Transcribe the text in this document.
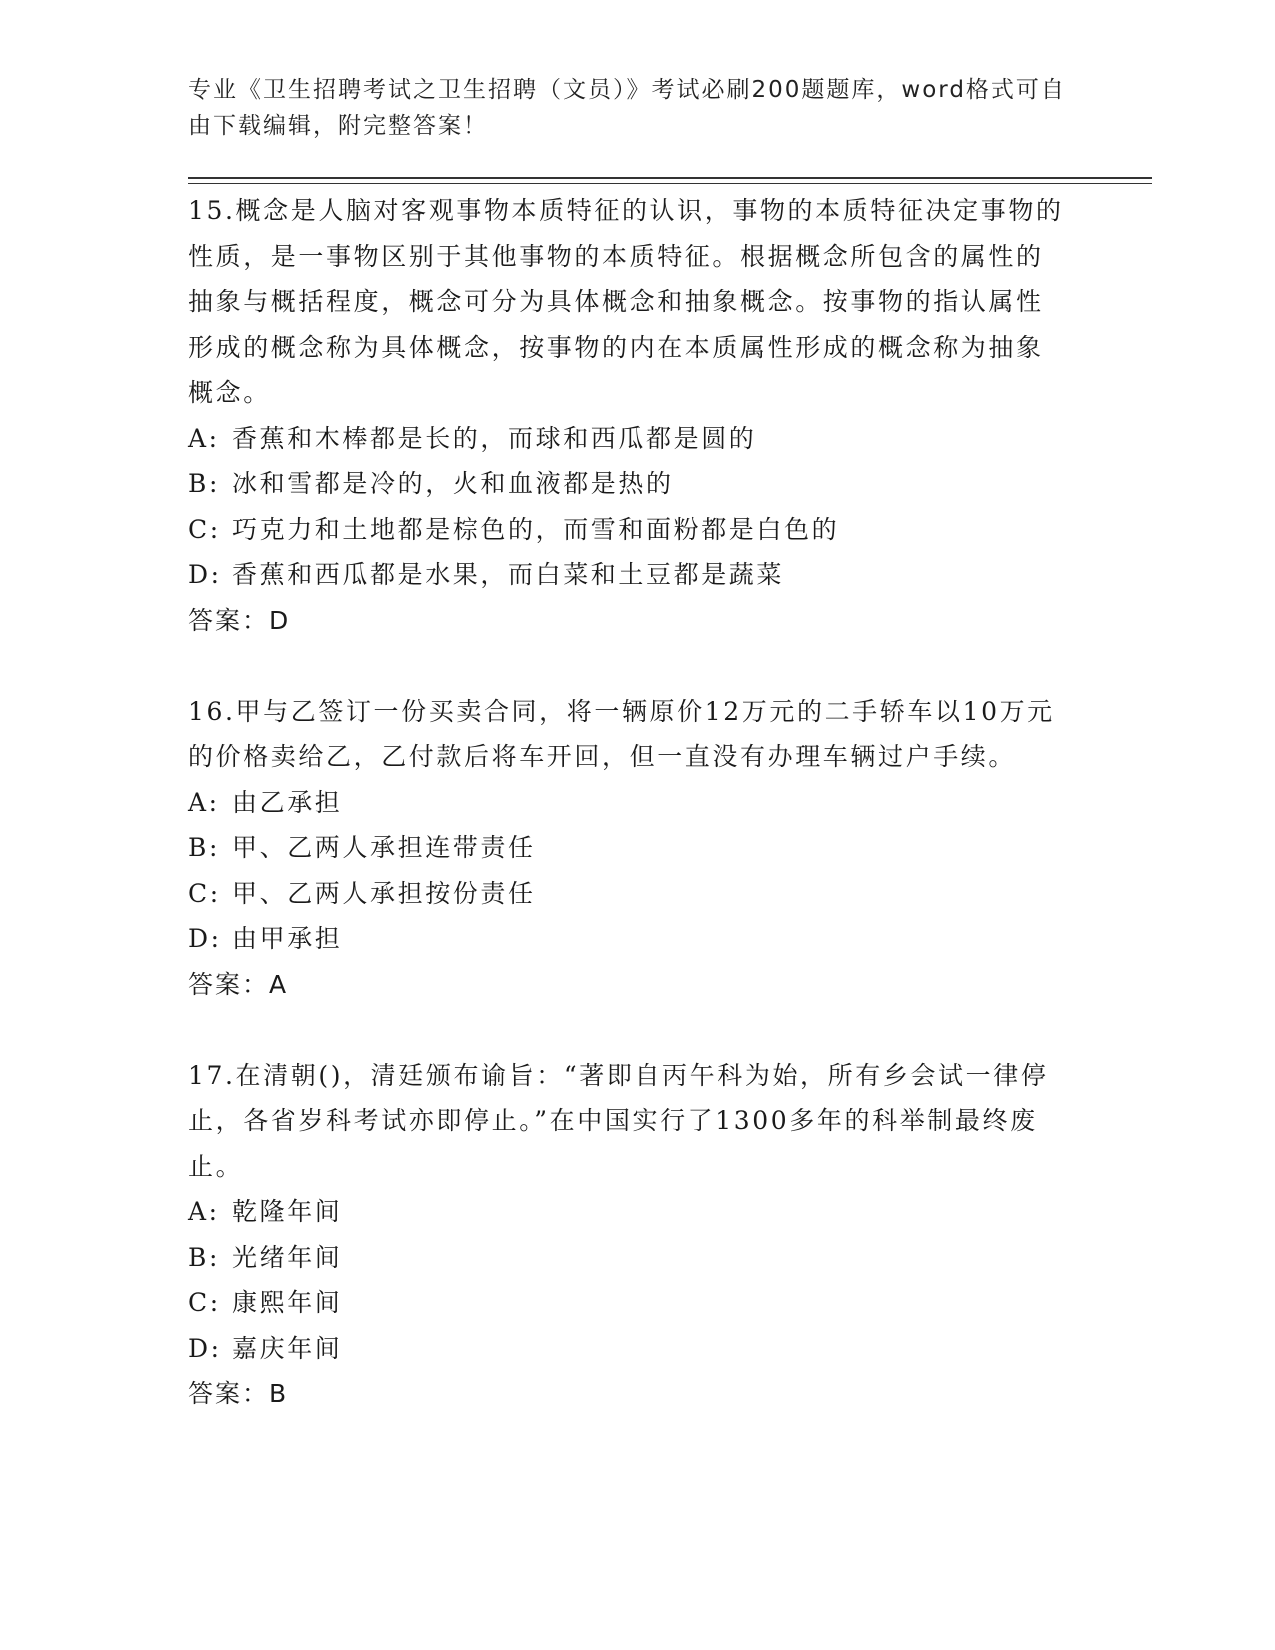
专业《卫生招聘考试之卫生招聘（文员）》考试必刷200题题库，word格式可自由下载编辑，附完整答案！

15.概念是人脑对客观事物本质特征的认识，事物的本质特征决定事物的性质，是一事物区别于其他事物的本质特征。根据概念所包含的属性的抽象与概括程度，概念可分为具体概念和抽象概念。按事物的指认属性形成的概念称为具体概念，按事物的内在本质属性形成的概念称为抽象概念。

A: 香蕉和木棒都是长的，而球和西瓜都是圆的

B: 冰和雪都是冷的，火和血液都是热的

C: 巧克力和土地都是棕色的，而雪和面粉都是白色的

D: 香蕉和西瓜都是水果，而白菜和土豆都是蔬菜

答案：D

16.甲与乙签订一份买卖合同，将一辆原价12万元的二手轿车以10万元的价格卖给乙，乙付款后将车开回，但一直没有办理车辆过户手续。

A: 由乙承担

B: 甲、乙两人承担连带责任

C: 甲、乙两人承担按份责任

D: 由甲承担

答案：A

17.在清朝()，清廷颁布谕旨：“著即自丙午科为始，所有乡会试一律停止，各省岁科考试亦即停止。”在中国实行了1300多年的科举制最终废止。

A: 乾隆年间

B: 光绪年间

C: 康熙年间

D: 嘉庆年间

答案：B
